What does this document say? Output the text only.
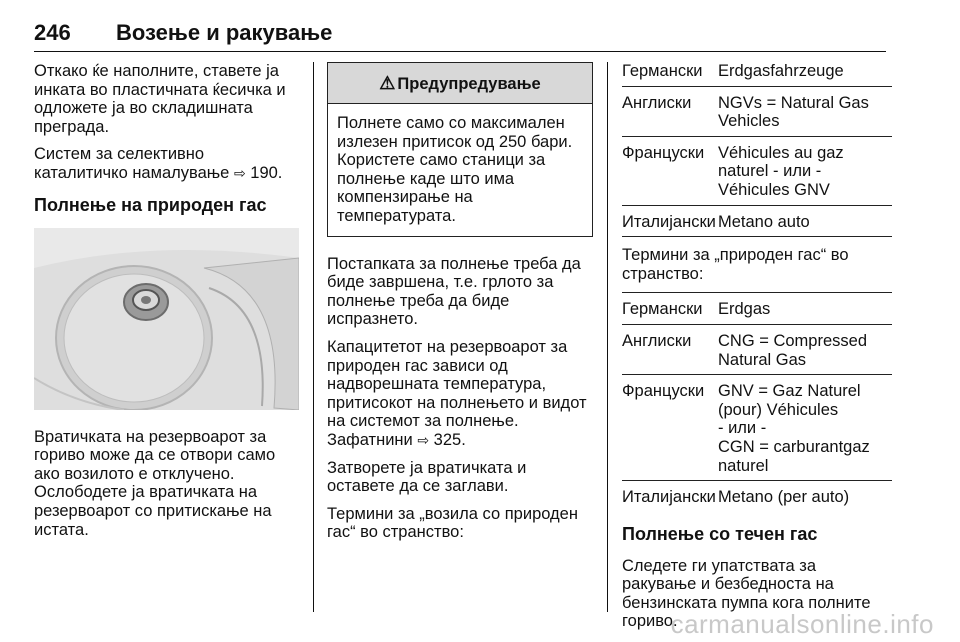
246 Возење и ракување

Откако ќе наполните, ставете ја инката во пластичната ќесичка и одложете ја во складишната преграда.

Систем за селективно каталитичко намалување ⇨ 190.

Полнење на природен гас

Вратичката на резервоарот за гориво може да се отвори само ако возилото е отклучено. Ослободете ја вратичката на резервоарот со притискање на истата.

⚠ Предупредување
Полнете само со максимален излезен притисок од 250 бари. Користете само станици за полнење каде што има компензирање на температурата.

Постапката за полнење треба да биде завршена, т.е. грлото за полнење треба да биде испразнето.

Капацитетот на резервоарот за природен гас зависи од надворешната температура, притисокот на полнењето и видот на системот за полнење. Зафатнини ⇨ 325.

Затворете ја вратичката и оставете да се заглави.

Термини за „возила со природен гас“ во странство:

Германски Erdgasfahrzeuge
Англиски	NGVs = Natural Gas
Vehicles
Француски Véhicules au gaz
naturel - или -
Véhicules GNV
Италијански Metano auto

Термини за „природен гас“ во странство:

Германски Erdgas
Англиски	CNG = Compressed
Natural Gas
Француски GNV = Gaz Naturel
(pour) Véhicules
- или -
CGN = carburantgaz
naturel
Италијански Metano (per auto)
Полнење со течен гас

Следете ги упатствата за ракување и безбедноста на бензинската пумпа кога полните гориво.

carmanualsonline.info
